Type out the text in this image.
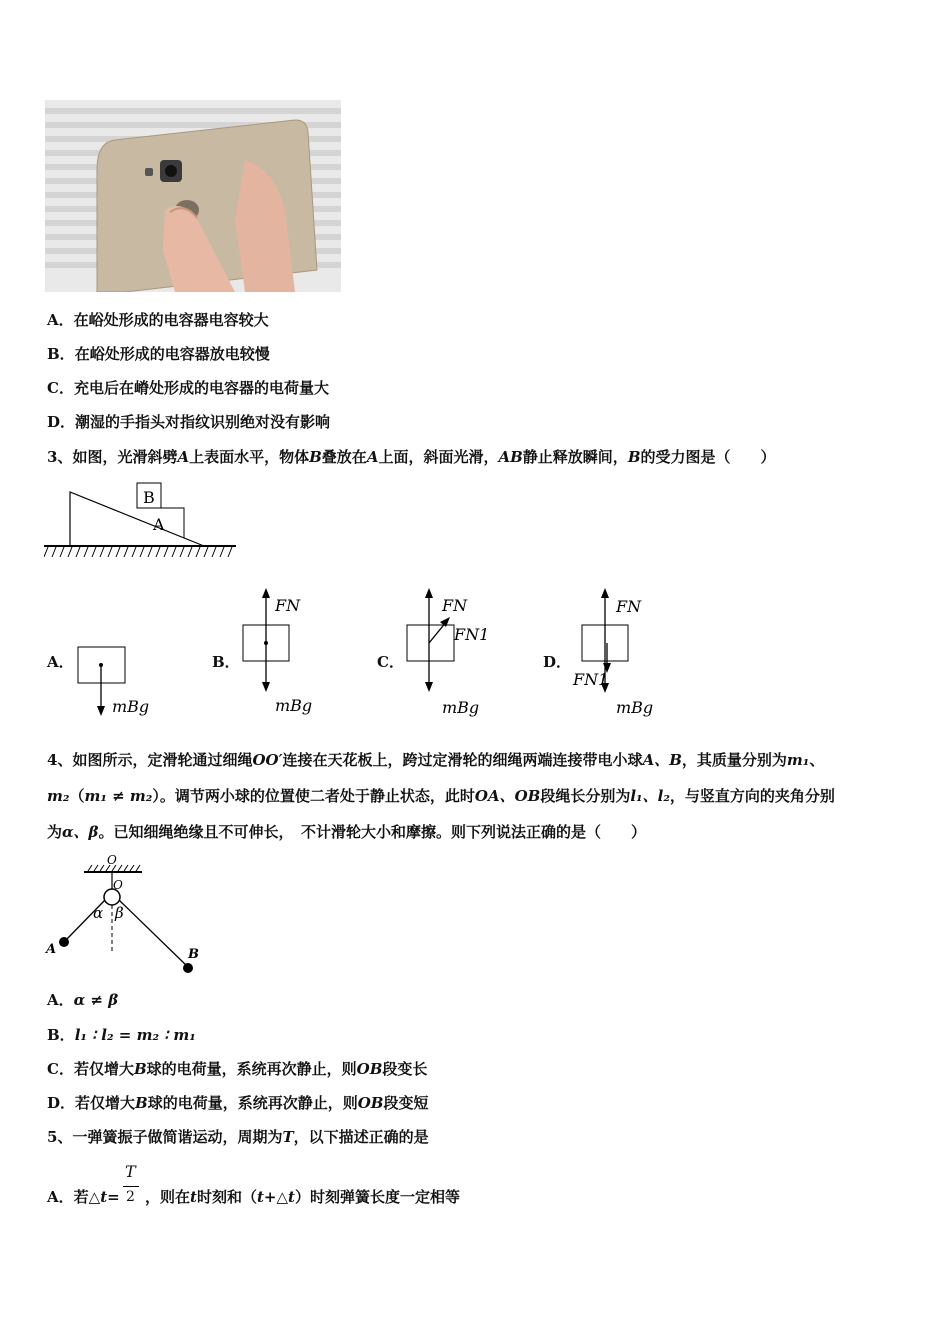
A．在峪处形成的电容器电容较大
B．在峪处形成的电容器放电较慢
C．充电后在嵴处形成的电容器的电荷量大
D．潮湿的手指头对指纹识别绝对没有影响
3、如图，光滑斜劈A上表面水平，物体B叠放在A上面，斜面光滑，AB静止释放瞬间，B的受力图是（　　）
B
A
A．
mBg
B．
FN
mBg
C．
FN
FN1
mBg
D．
FN
FN1
mBg
4、如图所示，定滑轮通过细绳OO′连接在天花板上，跨过定滑轮的细绳两端连接带电小球A、B，其质量分别为m₁、
m₂（m₁ ≠ m₂）。调节两小球的位置使二者处于静止状态，此时OA、OB段绳长分别为l₁、l₂，与竖直方向的夹角分别
为α、β。已知细绳绝缘且不可伸长，　不计滑轮大小和摩擦。则下列说法正确的是（　　）
O
O
α β
A	B
A．α ≠ β
B．l₁ ∶ l₂ = m₂ ∶ m₁
C．若仅增大B球的电荷量，系统再次静止，则OB段变长
D．若仅增大B球的电荷量，系统再次静止，则OB段变短
5、一弹簧振子做简谐运动，周期为T，以下描述正确的是
A．若△t=
T
2 ，则在t时刻和（t+△t）时刻弹簧长度一定相等
